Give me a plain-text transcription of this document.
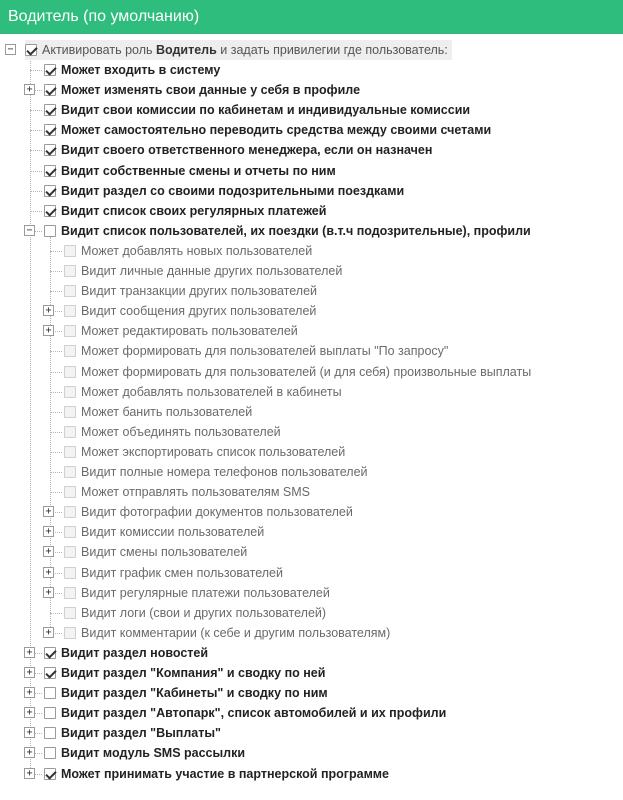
Водитель (по умолчанию)
− Активировать роль Водитель и задать привилегии где пользователь:
Может входить в систему
+ Может изменять свои данные у себя в профиле
Видит свои комиссии по кабинетам и индивидуальные комиссии
Может самостоятельно переводить средства между своими счетами
Видит своего ответственного менеджера, если он назначен
Видит собственные смены и отчеты по ним
Видит раздел со своими подозрительными поездками
Видит список своих регулярных платежей
− Видит список пользователей, их поездки (в.т.ч подозрительные), профили
Может добавлять новых пользователей
Видит личные данные других пользователей
Видит транзакции других пользователей
+ Видит сообщения других пользователей
+ Может редактировать пользователей
Может формировать для пользователей выплаты "По запросу"
Может формировать для пользователей (и для себя) произвольные выплаты
Может добавлять пользователей в кабинеты
Может банить пользователей
Может объединять пользователей
Может экспортировать список пользователей
Видит полные номера телефонов пользователей
Может отправлять пользователям SMS
+ Видит фотографии документов пользователей
+ Видит комиссии пользователей
+ Видит смены пользователей
+ Видит график смен пользователей
+ Видит регулярные платежи пользователей
Видит логи (свои и других пользователей)
+ Видит комментарии (к себе и другим пользователям)
+ Видит раздел новостей
+ Видит раздел "Компания" и сводку по ней
+ Видит раздел "Кабинеты" и сводку по ним
+ Видит раздел "Автопарк", список автомобилей и их профили
+ Видит раздел "Выплаты"
+ Видит модуль SMS рассылки
+ Может принимать участие в партнерской программе
